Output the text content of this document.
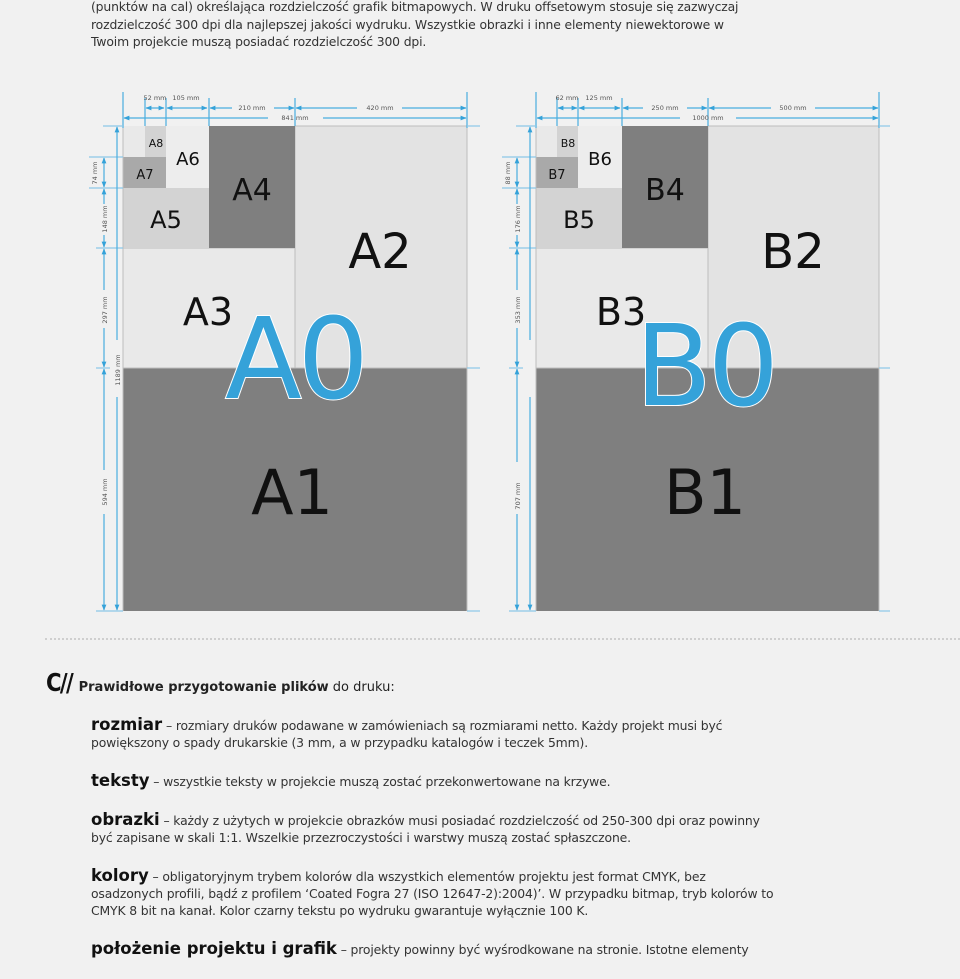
(punktów na cal) określająca rozdzielczość grafik bitmapowych. W druku offsetowym stosuje się zazwyczaj

rozdzielczość 300 dpi dla najlepszej jakości wydruku. Wszystkie obrazki i inne elementy niewektorowe w

Twoim projekcie muszą posiadać rozdzielczość 300 dpi.

A1
A2
A3
A4
A5
A6
A7
A8
A0
52 mm 105 mm
210 mm	420 mm
841 mm
74 mm
148 mm
297 mm
594 mm
1189 mm
B1
B2
B3
B4
B5
B6
B7
B8
B0
62 mm 125 mm
250 mm	500 mm
1000 mm
88 mm
176 mm
353 mm
707 mm
C// Prawidłowe przygotowanie plików do druku:

rozmiar – rozmiary druków podawane w zamówieniach są rozmiarami netto. Każdy projekt musi być powiększony o spady drukarskie (3 mm, a w przypadku katalogów i teczek 5mm).

teksty – wszystkie teksty w projekcie muszą zostać przekonwertowane na krzywe.

obrazki – każdy z użytych w projekcie obrazków musi posiadać rozdzielczość od 250-300 dpi oraz powinny być zapisane w skali 1:1. Wszelkie przezroczystości i warstwy muszą zostać spłaszczone.

kolory – obligatoryjnym trybem kolorów dla wszystkich elementów projektu jest format CMYK, bez osadzonych profili, bądź z profilem ‘Coated Fogra 27 (ISO 12647-2):2004)’. W przypadku bitmap, tryb kolorów to CMYK 8 bit na kanał. Kolor czarny tekstu po wydruku gwarantuje wyłącznie 100 K.

położenie projektu i grafik – projekty powinny być wyśrodkowane na stronie. Istotne elementy
